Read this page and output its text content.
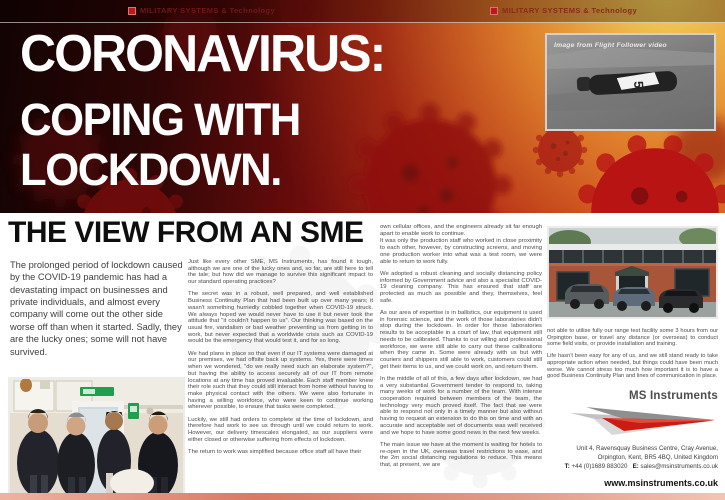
MILITARY SYSTEMS & Technology	MILITARY SYSTEMS & Technology
CORONAVIRUS:
COPING WITH
LOCKDOWN.
5
Image from Flight Follower video
THE VIEW FROM AN SME

The prolonged period of lockdown caused by the COVID-19 pandemic has had a devastating impact on businesses and private individuals, and almost every company will come out the other side worse off than when it started. Sadly, they are the lucky ones; some will not have survived.

Just like every other SME, MS Instruments, has found it tough, although we are one of the lucky ones and, so far, are still here to tell the tale; but how did we manage to survive this significant impact to our standard operating practices?

The secret was in a robust, well prepared, and well established Business Continuity Plan that had been built up over many years; it wasn't something hurriedly cobbled together when COVID-19 struck. We always hoped we would never have to use it but never took the attitude that "it couldn't happen to us". Our thinking was based on the usual fire, vandalism or bad weather preventing us from getting in to work, but never expected that a worldwide crisis such as COVID-19 would be the emergency that would test it, and for so long.

We had plans in place so that even if our IT systems were damaged at our premises, we had offsite back up systems. Yes, there were times when we wondered, "do we really need such an elaborate system?", but having the ability to access securely all of our IT from remote locations at any time has proved invaluable. Each staff member knew their role such that they could still interact from home without having to make physical contact with the others. We were also fortunate in having a willing workforce, who were keen to continue working wherever possible, to ensure that tasks were completed.

Luckily, we still had orders to complete at the time of lockdown, and therefore had work to see us through until we could return to work. However, our delivery timescales elongated, as our suppliers were either closed or otherwise suffering from effects of lockdown.

The return to work was simplified because office staff all have their

own cellular offices, and the engineers already sit far enough apart to enable work to continue.

It was only the production staff who worked in close proximity to each other, however, by constructing screens, and moving one production worker into what was a test room, we were able to return to work fully.

We adopted a robust cleaning and socially distancing policy informed by Government advice and also a specialist COVID-19 cleaning company. This has ensured that staff are protected as much as possible and they, themselves, feel safe.

As our area of expertise is in ballistics, our equipment is used in forensic science, and the work of those laboratories didn't stop during the lockdown. In order for those laboratories results to be acceptable in a court of law, that equipment still needs to be calibrated. Thanks to our willing and professional workforce, we were still able to carry out these calibrations when they came in. Some were already with us but with couriers and shippers still able to work, customers could still get their items to us, and we could work on, and return them.

In the middle of all of this, a few days after lockdown, we had a very substantial Government tender to respond to, taking many weeks of work for a number of the team. With intense cooperation required between members of the team, the technology very much proved itself. The fact that we were able to respond not only in a timely manner but also without having to request an extension to do this on time and with an accurate and acceptable set of documents was well received and we hope to have some good news in the next few weeks.

The main issue we have at the moment is waiting for hotels to re-open in the UK, overseas travel restrictions to ease, and the 2m social distancing regulations to reduce. This means that, at present, we are

not able to utilise fully our range test facility some 3 hours from our Orpington base, or travel any distance (or overseas) to conduct some field visits, or provide installation and training.

Life hasn't been easy for any of us, and we still stand ready to take appropriate action when needed, but things could have been much worse. We cannot stress too much how important it is to have a good Business Continuity Plan and lines of communication in place.

MS Instruments
Unit 4, Ravensquay Business Centre, Cray Avenue,
Orpington, Kent, BR5 4BQ, United Kingdom
T: +44 (0)1689 883020 E: sales@msinstruments.co.uk
www.msinstruments.co.uk
